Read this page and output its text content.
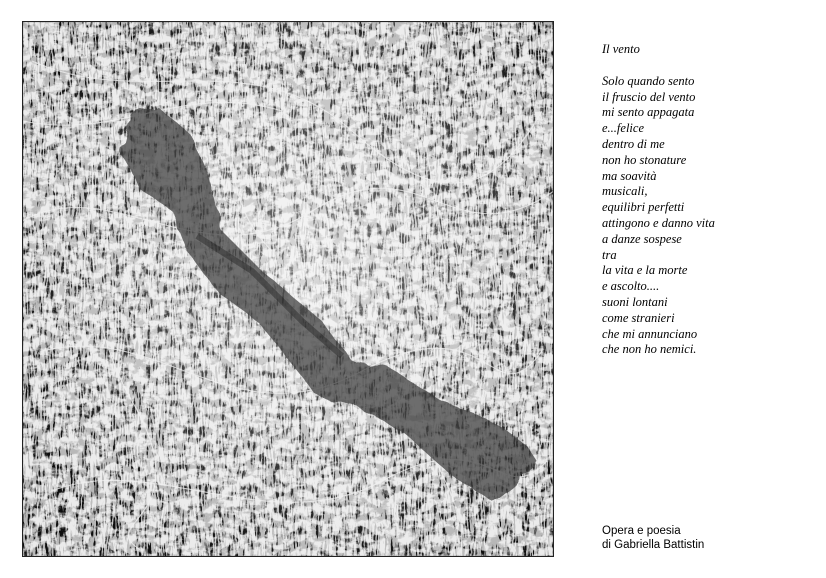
Il vento
Solo quando sento
il fruscio del vento
mi sento appagata
e...felice
dentro di me
non ho stonature
ma soavità
musicali,
equilibri perfetti
attingono e danno vita
a danze sospese
tra
la vita e la morte
e ascolto....
suoni lontani
come stranieri
che mi annunciano
che non ho nemici.
Opera e poesia
di Gabriella Battistin
